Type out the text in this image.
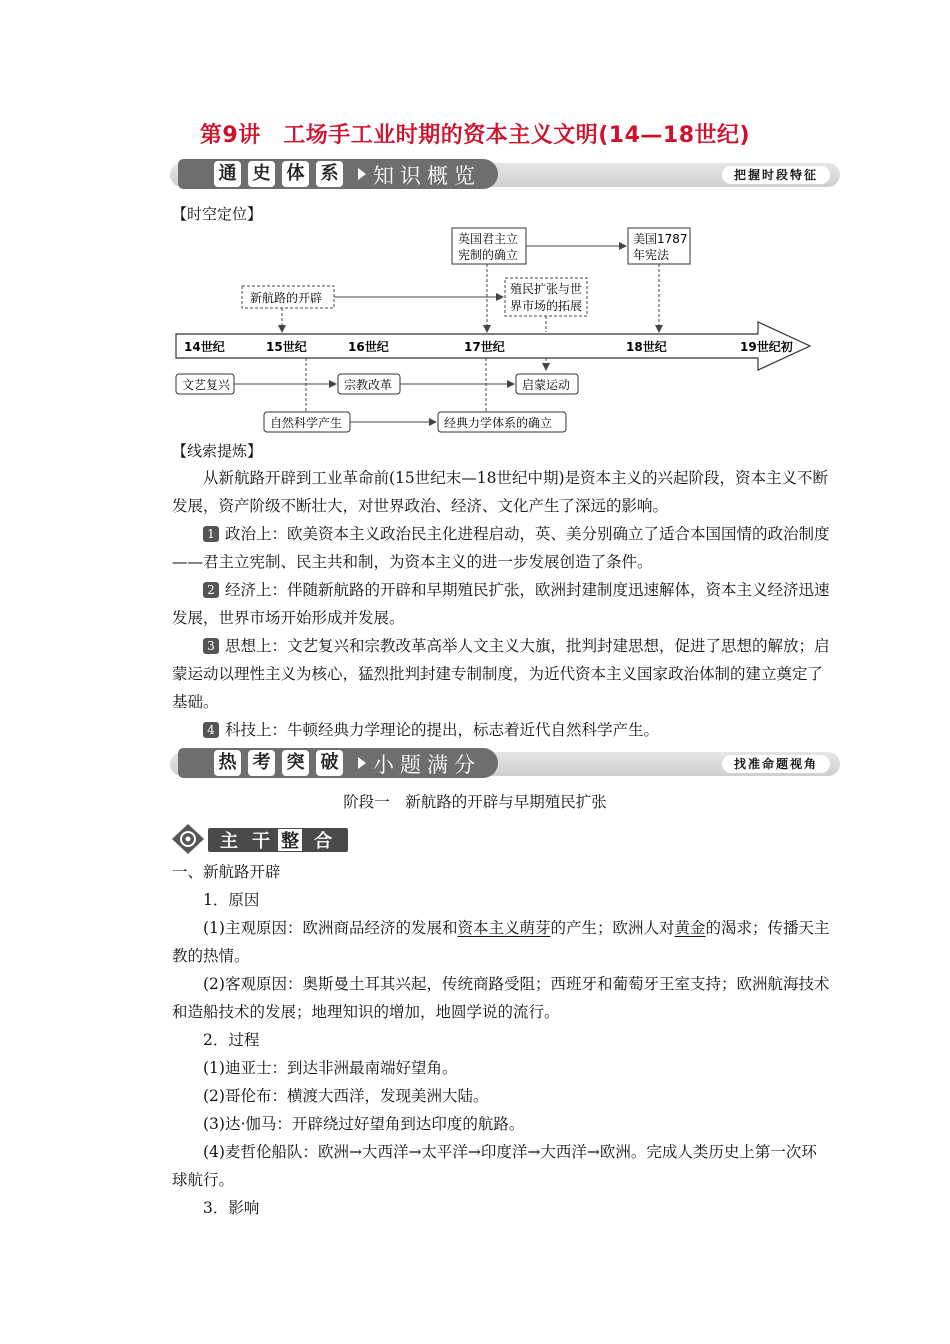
第9讲　工场手工业时期的资本主义文明(14—18世纪)
通 史 体 系 知识概览	把握时段特征
【时空定位】
14世纪	15世纪	16世纪	17世纪	18世纪	19世纪初
英国君主立
宪制的确立
美国1787
年宪法
新航路的开辟
殖民扩张与世
界市场的拓展
文艺复兴	宗教改革	启蒙运动
自然科学产生	经典力学体系的确立
【线索提炼】

从新航路开辟到工业革命前(15世纪末—18世纪中期)是资本主义的兴起阶段，资本主义不断发展，资产阶级不断壮大，对世界政治、经济、文化产生了深远的影响。

1 政治上：欧美资本主义政治民主化进程启动，英、美分别确立了适合本国国情的政治制度——君主立宪制、民主共和制，为资本主义的进一步发展创造了条件。

2 经济上：伴随新航路的开辟和早期殖民扩张，欧洲封建制度迅速解体，资本主义经济迅速发展，世界市场开始形成并发展。

3 思想上：文艺复兴和宗教改革高举人文主义大旗，批判封建思想，促进了思想的解放；启蒙运动以理性主义为核心，猛烈批判封建专制制度，为近代资本主义国家政治体制的建立奠定了基础。

4 科技上：牛顿经典力学理论的提出，标志着近代自然科学产生。

热 考 突 破 小题满分	找准命题视角
阶段一　新航路的开辟与早期殖民扩张
主 干 整 合
一、新航路开辟

1．原因

(1)主观原因：欧洲商品经济的发展和资本主义萌芽的产生；欧洲人对黄金的渴求；传播天主教的热情。

(2)客观原因：奥斯曼土耳其兴起，传统商路受阻；西班牙和葡萄牙王室支持；欧洲航海技术和造船技术的发展；地理知识的增加，地圆学说的流行。

2．过程

(1)迪亚士：到达非洲最南端好望角。

(2)哥伦布：横渡大西洋，发现美洲大陆。

(3)达·伽马：开辟绕过好望角到达印度的航路。

(4)麦哲伦船队：欧洲→大西洋→太平洋→印度洋→大西洋→欧洲。完成人类历史上第一次环球航行。

3．影响
